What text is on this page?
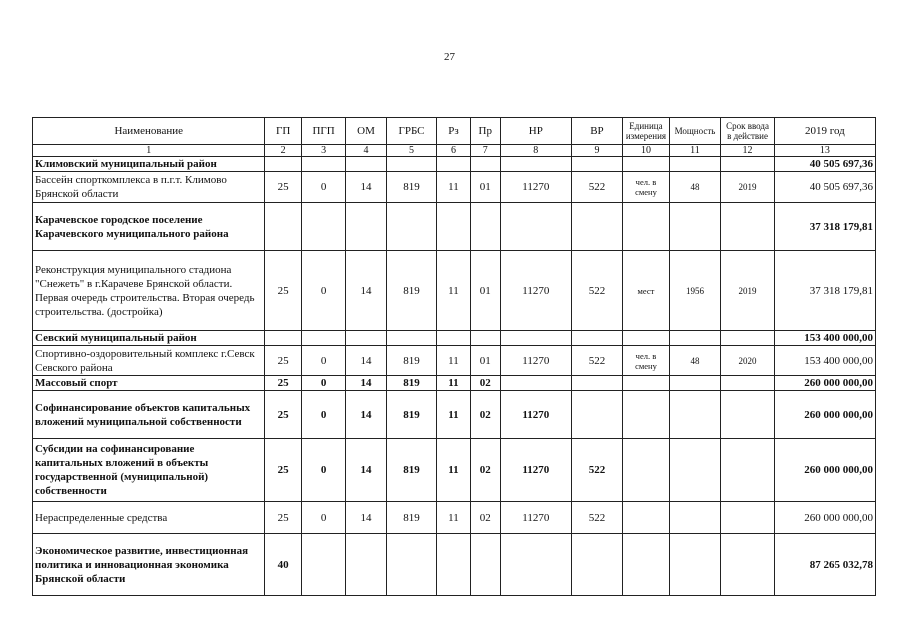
27
Наименование	ГП	ПГП	ОМ	ГРБС	Рз	Пр	НР	ВР	Единица измерения	Мощность	Срок ввода в действие	2019 год
1	2	3	4	5	6	7	8	9	10	11	12	13
Климовский муниципальный район												40 505 697,36
Бассейн спорткомплекса в п.г.т. Климово Брянской области	25	0	14	819	11	01	11270	522	чел. в смену	48	2019	40 505 697,36
Карачевское городское поселение Карачевского муниципального района												37 318 179,81
Реконструкция муниципального стадиона "Снежеть" в г.Карачеве Брянской области. Первая очередь строительства. Вторая очередь строительства. (достройка)	25	0	14	819	11	01	11270	522	мест	1956	2019	37 318 179,81
Севский муниципальный район												153 400 000,00
Спортивно-оздоровительный комплекс г.Севск Севского района	25	0	14	819	11	01	11270	522	чел. в смену	48	2020	153 400 000,00
Массовый спорт	25	0	14	819	11	02						260 000 000,00
Софинансирование объектов капитальных вложений муниципальной собственности	25	0	14	819	11	02	11270					260 000 000,00
Субсидии на софинансирование капитальных вложений в объекты государственной (муниципальной) собственности	25	0	14	819	11	02	11270	522				260 000 000,00
Нераспределенные средства	25	0	14	819	11	02	11270	522				260 000 000,00
Экономическое развитие, инвестиционная политика и инновационная экономика Брянской области	40											87 265 032,78
